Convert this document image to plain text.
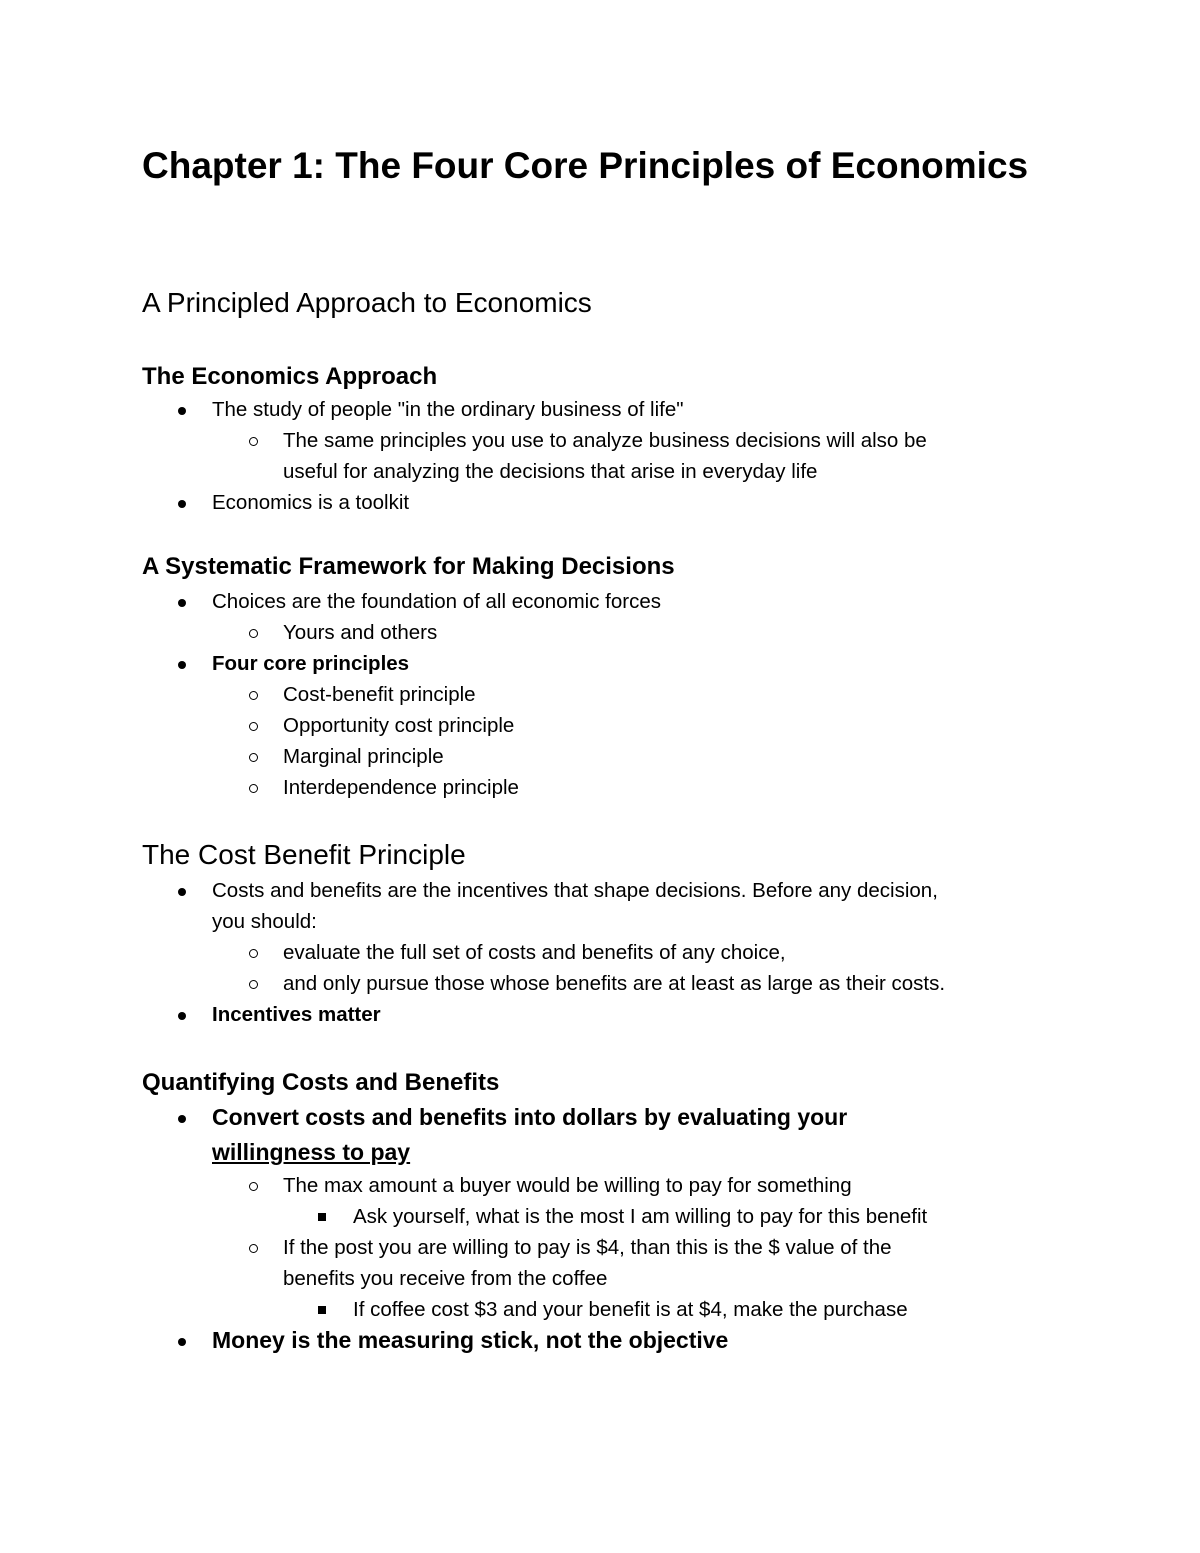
Chapter 1: The Four Core Principles of Economics
A Principled Approach to Economics
The Economics Approach

The study of people "in the ordinary business of life"

The same principles you use to analyze business decisions will also be

useful for analyzing the decisions that arise in everyday life

Economics is a toolkit

A Systematic Framework for Making Decisions

Choices are the foundation of all economic forces

Yours and others

Four core principles

Cost-benefit principle

Opportunity cost principle

Marginal principle

Interdependence principle

The Cost Benefit Principle

Costs and benefits are the incentives that shape decisions. Before any decision,

you should:

evaluate the full set of costs and benefits of any choice,

and only pursue those whose benefits are at least as large as their costs.

Incentives matter

Quantifying Costs and Benefits

Convert costs and benefits into dollars by evaluating your

willingness to pay

The max amount a buyer would be willing to pay for something

Ask yourself, what is the most I am willing to pay for this benefit

If the post you are willing to pay is $4, than this is the $ value of the

benefits you receive from the coffee

If coffee cost $3 and your benefit is at $4, make the purchase

Money is the measuring stick, not the objective
